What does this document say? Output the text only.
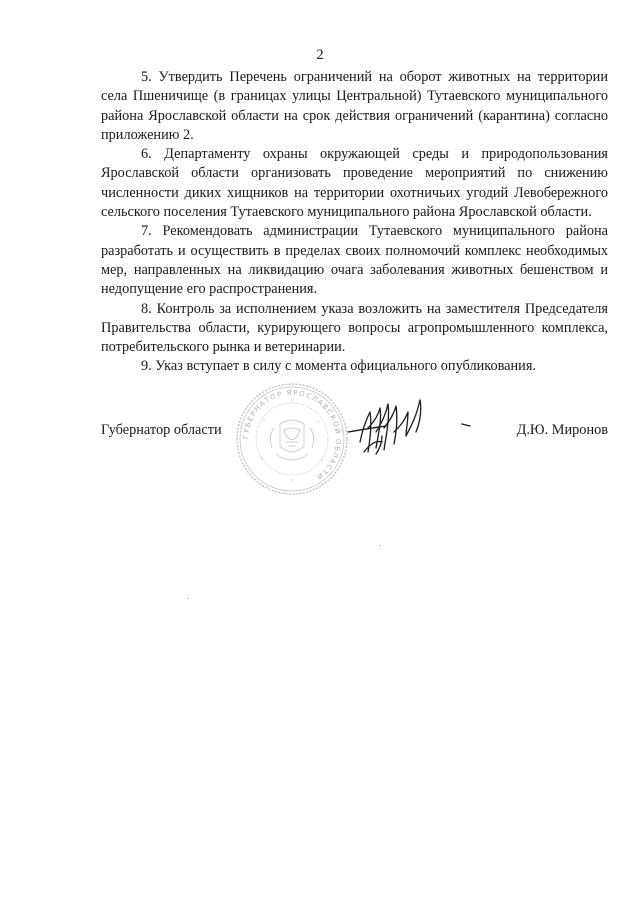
2

5. Утвердить Перечень ограничений на оборот животных на территории села Пшеничище (в границах улицы Центральной) Тутаевского муниципального района Ярославской области на срок действия ограничений (карантина) согласно приложению 2.

6. Департаменту охраны окружающей среды и природопользования Ярославской области организовать проведение мероприятий по снижению численности диких хищников на территории охотничьих угодий Левобережного сельского поселения Тутаевского муниципального района Ярославской области.

7. Рекомендовать администрации Тутаевского муниципального района разработать и осуществить в пределах своих полномочий комплекс необходимых мер, направленных на ликвидацию очага заболевания животных бешенством и недопущение его распространения.

8. Контроль за исполнением указа возложить на заместителя Председателя Правительства области, курирующего вопросы агропромышленного комплекса, потребительского рынка и ветеринарии.

9. Указ вступает в силу с момента официального опубликования.

ГУБЕРНАТОР ЯРОСЛАВСКОЙ ОБЛАСТИ
Губернатор области	Д.Ю. Миронов
